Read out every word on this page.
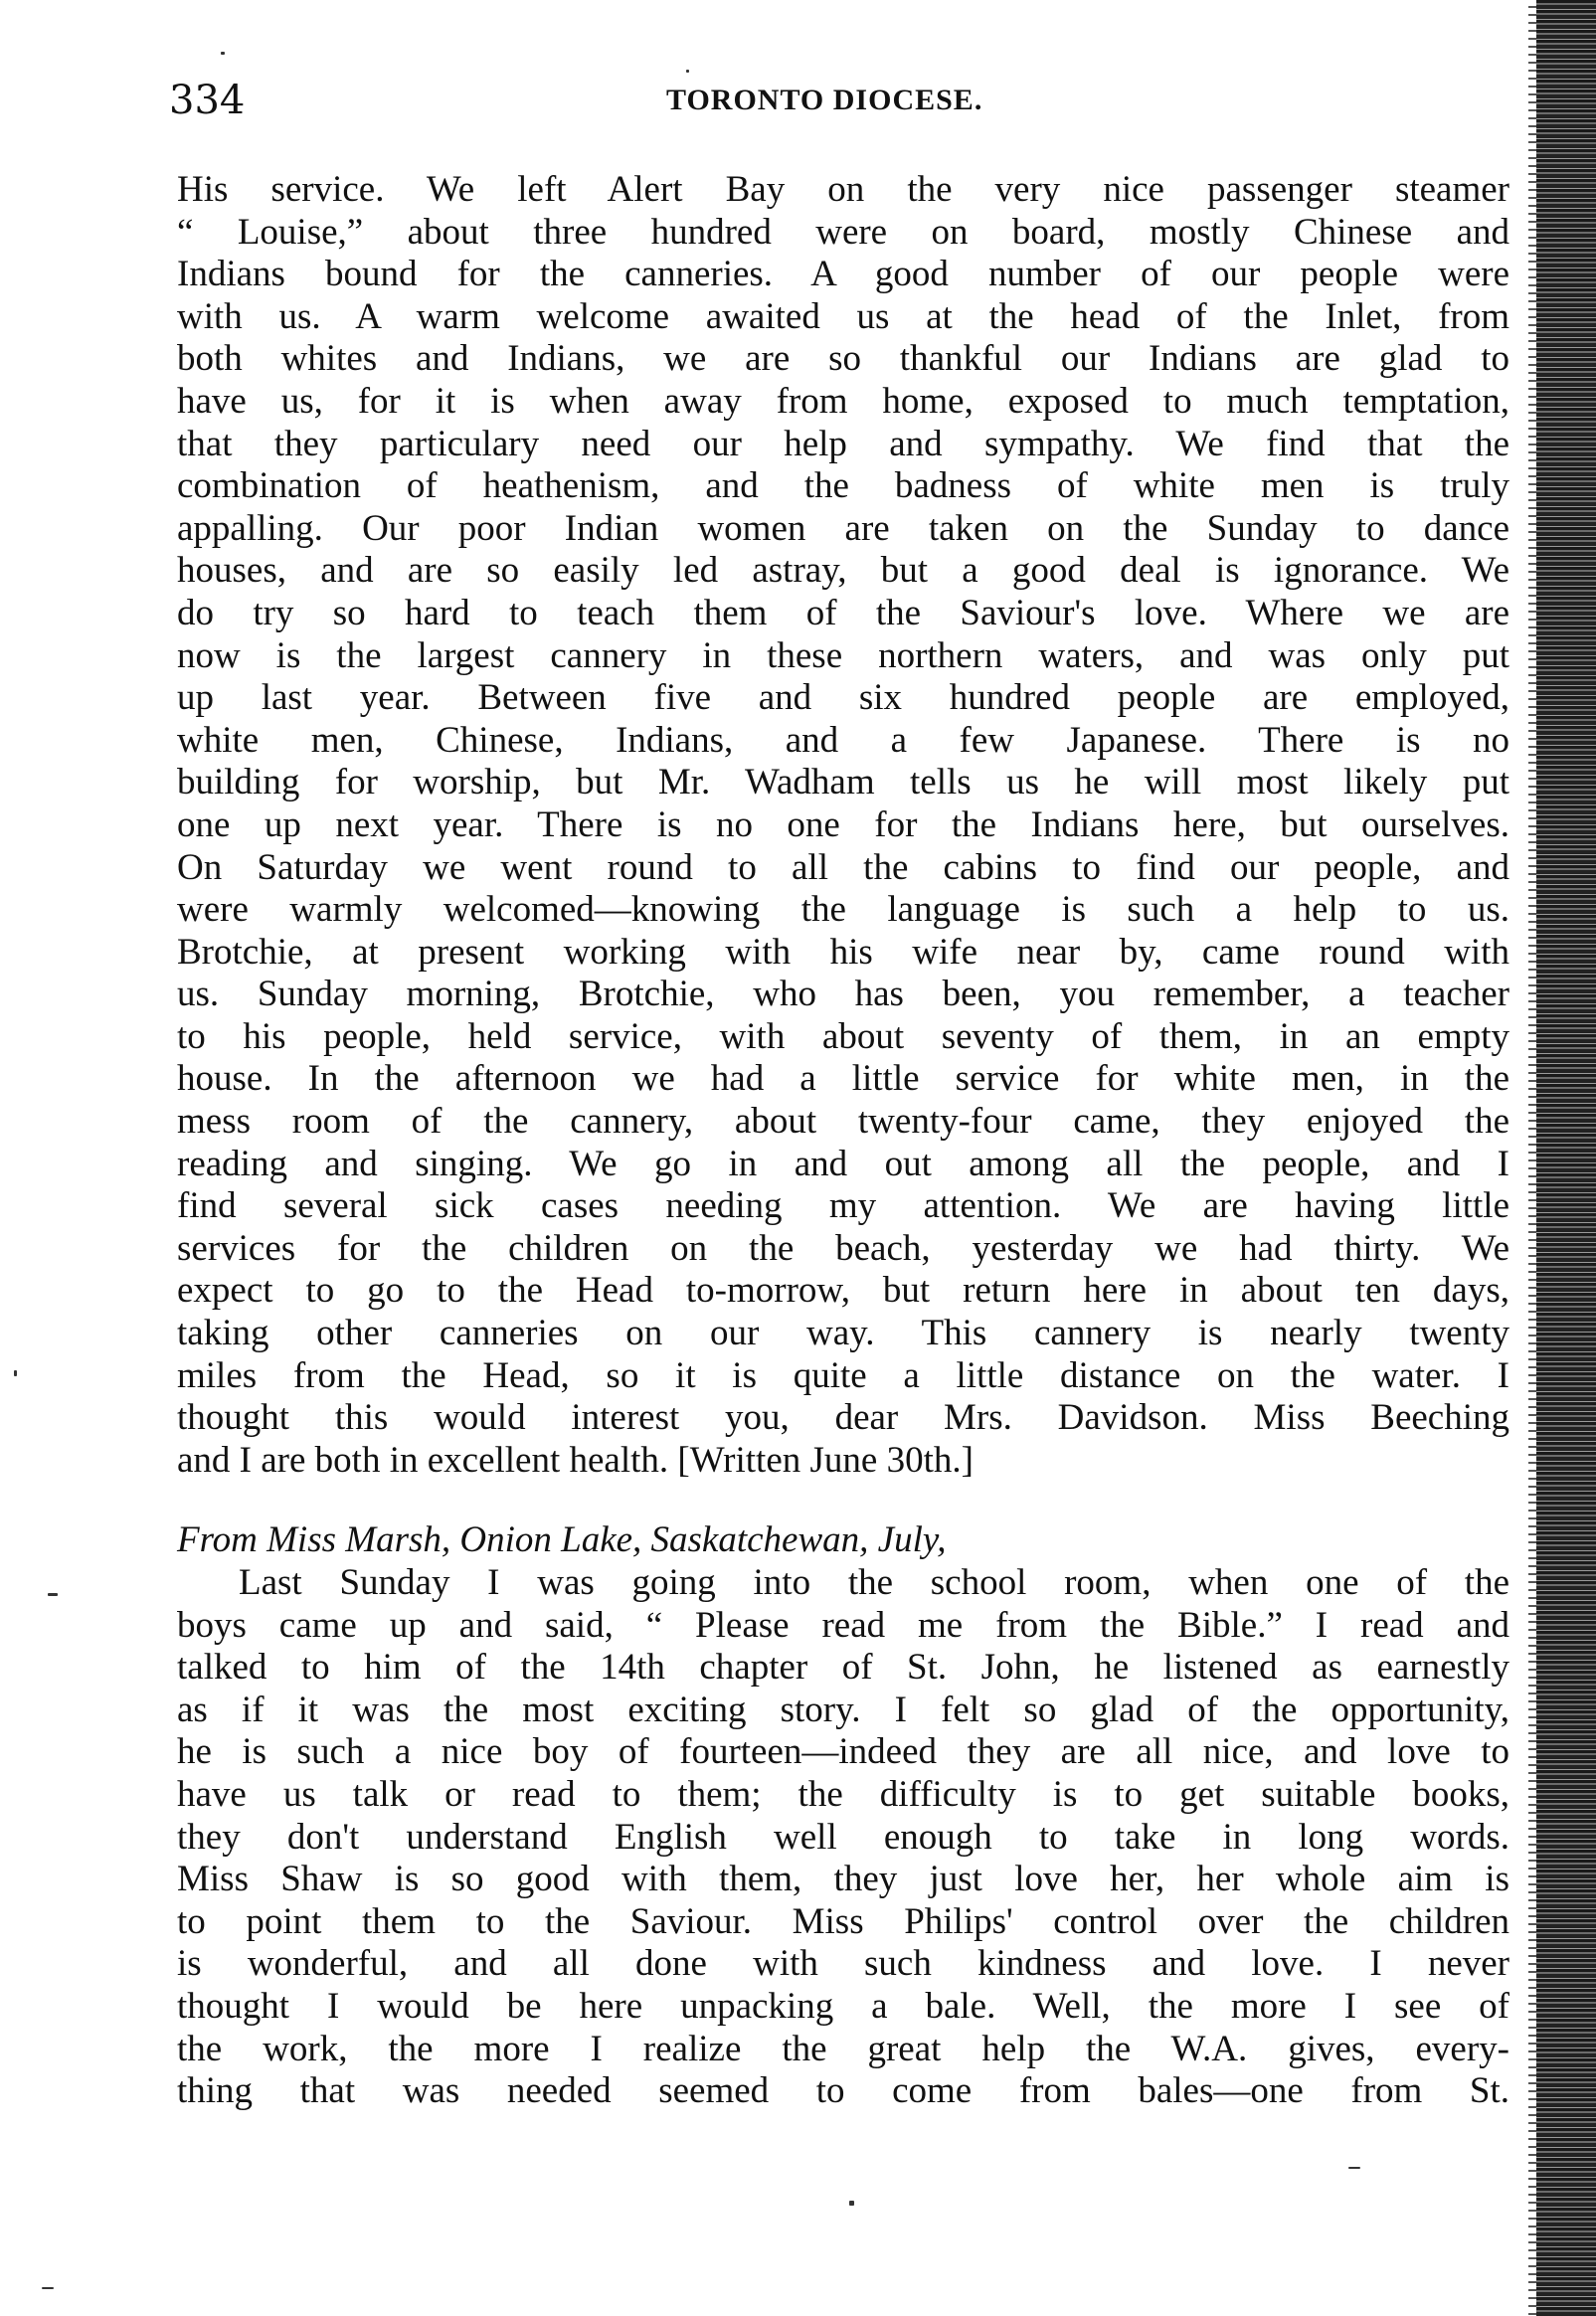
334	TORONTO DIOCESE.
His service. We left Alert Bay on the very nice passenger steamer
“ Louise,” about three hundred were on board, mostly Chinese and
Indians bound for the canneries. A good number of our people were
with us. A warm welcome awaited us at the head of the Inlet, from
both whites and Indians, we are so thankful our Indians are glad to
have us, for it is when away from home, exposed to much temptation,
that they particulary need our help and sympathy. We find that the
combination of heathenism, and the badness of white men is truly
appalling. Our poor Indian women are taken on the Sunday to dance
houses, and are so easily led astray, but a good deal is ignorance. We
do try so hard to teach them of the Saviour's love. Where we are
now is the largest cannery in these northern waters, and was only put
up last year. Between five and six hundred people are employed,
white men, Chinese, Indians, and a few Japanese. There is no
building for worship, but Mr. Wadham tells us he will most likely put
one up next year. There is no one for the Indians here, but ourselves.
On Saturday we went round to all the cabins to find our people, and
were warmly welcomed—knowing the language is such a help to us.
Brotchie, at present working with his wife near by, came round with
us. Sunday morning, Brotchie, who has been, you remember, a teacher
to his people, held service, with about seventy of them, in an empty
house. In the afternoon we had a little service for white men, in the
mess room of the cannery, about twenty-four came, they enjoyed the
reading and singing. We go in and out among all the people, and I
find several sick cases needing my attention. We are having little
services for the children on the beach, yesterday we had thirty. We
expect to go to the Head to-morrow, but return here in about ten days,
taking other canneries on our way. This cannery is nearly twenty
miles from the Head, so it is quite a little distance on the water. I
thought this would interest you, dear Mrs. Davidson. Miss Beeching
and I are both in excellent health. [Written June 30th.]
From Miss Marsh, Onion Lake, Saskatchewan, July,
Last Sunday I was going into the school room, when one of the
boys came up and said, “ Please read me from the Bible.” I read and
talked to him of the 14th chapter of St. John, he listened as earnestly
as if it was the most exciting story. I felt so glad of the opportunity,
he is such a nice boy of fourteen—indeed they are all nice, and love to
have us talk or read to them; the difficulty is to get suitable books,
they don't understand English well enough to take in long words.
Miss Shaw is so good with them, they just love her, her whole aim is
to point them to the Saviour. Miss Philips' control over the children
is wonderful, and all done with such kindness and love. I never
thought I would be here unpacking a bale. Well, the more I see of
the work, the more I realize the great help the W.A. gives, every-
thing that was needed seemed to come from bales—one from St.
